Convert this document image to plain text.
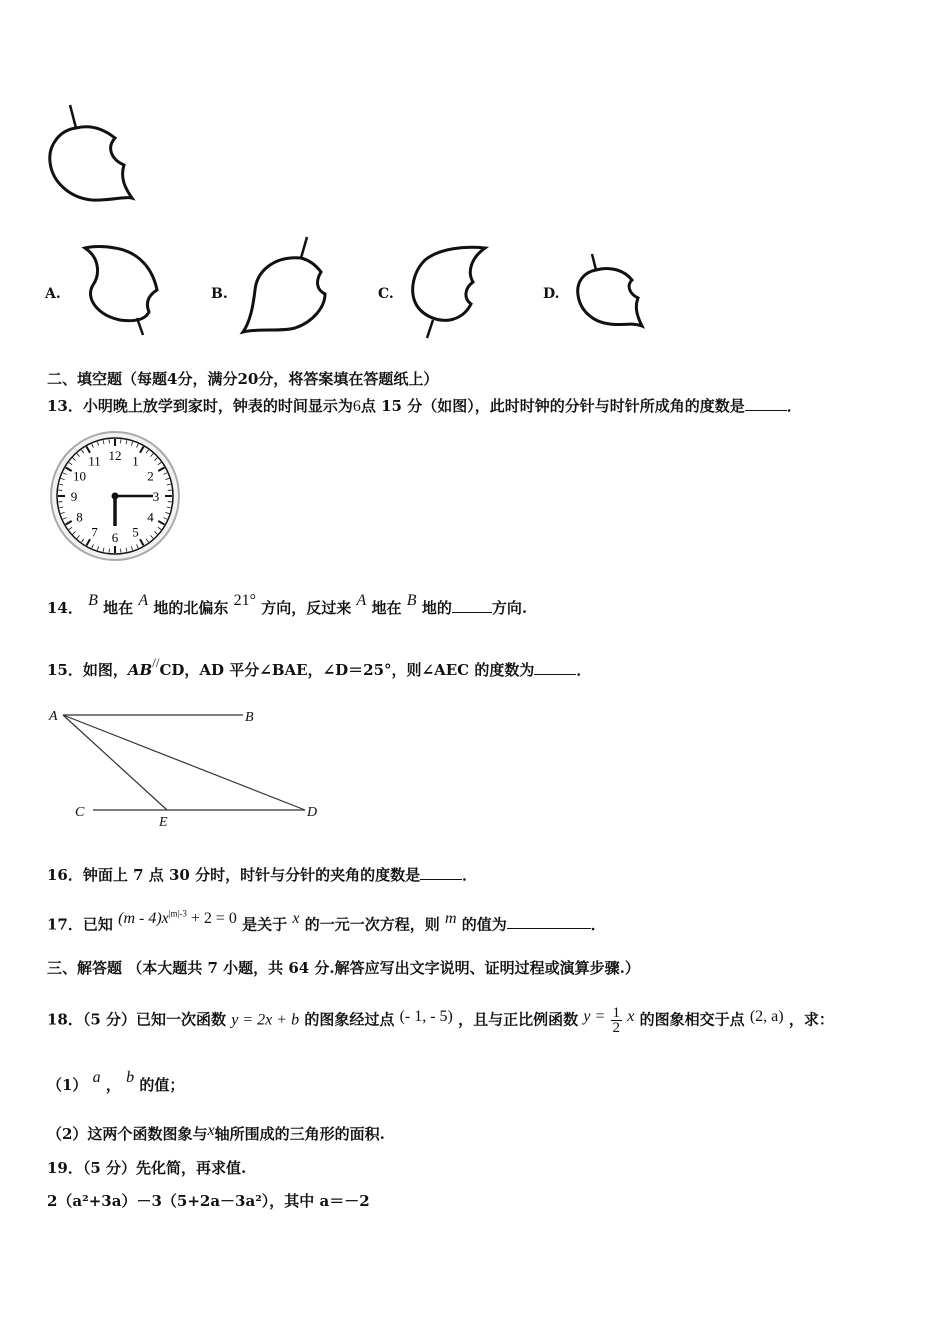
A.	B.	C.	D.
二、填空题（每题4分，满分20分，将答案填在答题纸上）
13．小明晚上放学到家时，钟表的时间显示为6点 15 分（如图），此时时钟的分针与时针所成角的度数是	．
12 1
2
3
4
5
6
7
8
9
10
11
14． B 地在 A 地的北偏东 21° 方向，反过来 A 地在 B 地的	方向.
15．如图，AB//CD，AD 平分∠BAE，∠D＝25°，则∠AEC 的度数为	．
A	B
C	D
E
16．钟面上 7 点 30 分时，时针与分针的夹角的度数是	．
17．已知 $(m - 4)x^{|m|-3} + 2 = 0$ 是关于 x 的一元一次方程，则 m 的值为	．
三、解答题 （本大题共 7 小题，共 64 分.解答应写出文字说明、证明过程或演算步骤.）
18．（5 分）已知一次函数 y = 2x + b 的图象经过点 (- 1, - 5) ，且与正比例函数 $y = \frac{1}{2}$ x 的图象相交于点 (2, a) ，求：
（1） a ， b 的值；
（2）这两个函数图象与x轴所围成的三角形的面积.
19．（5 分）先化简，再求值.
2（a²+3a）－3（5+2a－3a²），其中 a＝－2
